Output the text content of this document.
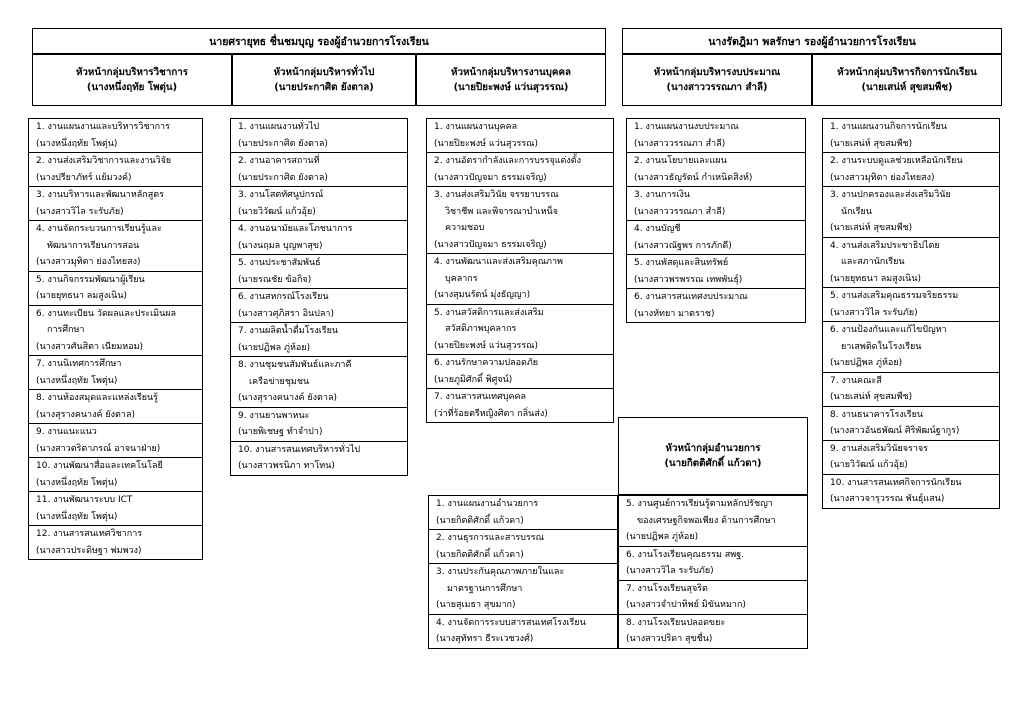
นายศรายุทธ ชื่นชมบุญ รองผู้อำนวยการโรงเรียน	นางรัตฎิมา พลรักษา รองผู้อำนวยการโรงเรียน
หัวหน้ากลุ่มบริหารวิชาการ
(นางหนึ่งฤทัย โพตุ่น)
หัวหน้ากลุ่มบริหารทั่วไป
(นายประกาศิต ยังตาล)
หัวหน้ากลุ่มบริหารงานบุคคล
(นายปิยะพงษ์ แว่นสุวรรณ)
หัวหน้ากลุ่มบริหารงบประมาณ
(นางสาววรรณภา สำลี)
หัวหน้ากลุ่มบริหารกิจการนักเรียน
(นายเสน่ห์ สุขสมพืช)
1. งานแผนงานและบริหารวิชาการ
(นางหนึ่งฤทัย โพตุ่น)
2. งานส่งเสริมวิชาการและงานวิจัย
(นางปรียาภัทร์ แย้มวงค์)
3. งานบริหารและพัฒนาหลักสูตร
(นางสาววิไล ระรับภัย)
4. งานจัดกระบวนการเรียนรู้และ
พัฒนาการเรียนการสอน
(นางสาวมุทิตา ย่องไทยสง)
5. งานกิจกรรมพัฒนาผู้เรียน
(นายยุทธนา ลมสูงเนิน)
6. งานทะเบียน วัดผลและประเมินผล
การศึกษา
(นางสาวศันสิตา เนียมหอม)
7. งานนิเทศการศึกษา
(นางหนึ่งฤทัย โพตุ่น)
8. งานห้องสมุดและแหล่งเรียนรู้
(นางสุรางคนางค์ ยังตาล)
9. งานแนะแนว
(นางสาวตริตาภรณ์ อาจนาฝ่าย)
10. งานพัฒนาสื่อและเทคโนโลยี
(นางหนึ่งฤทัย โพตุ่น)
11. งานพัฒนาระบบ ICT
(นางหนึ่งฤทัย โพตุ่น)
12. งานสารสนเทศวิชาการ
(นางสาวประดิษฐา พ่มพวง)
1. งานแผนงานทั่วไป
(นายประกาศิต ยังตาล)
2. งานอาคารสถานที่
(นายประกาศิต ยังตาล)
3. งานโสตทัศนูปกรณ์
(นายวิวัฒน์ แก้วอุ้ย)
4. งานอนามัยและโภชนาการ
(นางนฤมล บุญพาสุข)
5. งานประชาสัมพันธ์
(นายรณชัย ข้อกิจ)
6. งานสหกรณ์โรงเรียน
(นางสาวศุภิสรา อินปลา)
7. งานผลิตน้ำดื่มโรงเรียน
(นายปฏิพล ภู่ห้อย)
8. งานชุมชนสัมพันธ์และภาคี
เครือข่ายชุมชน
(นางสุรางคนางค์ ยังตาล)
9. งานยานพาหนะ
(นายพิเชษฐ ทำจำปา)
10. งานสารสนเทศบริหารทั่วไป
(นางสาวพรนิภา ทาโทน)
1. งานแผนงานบุคคล
(นายปิยะพงษ์ แว่นสุวรรณ)
2. งานอัตรากำลังและการบรรจุแต่งตั้ง
(นางสาวปัญจมา ธรรมเจริญ)
3. งานส่งเสริมวินัย จรรยาบรรณ
วิชาชีพ และพิจารณาบำเหน็จ
ความชอบ
(นางสาวปัญจมา ธรรมเจริญ)
4. งานพัฒนาและส่งเสริมคุณภาพ
บุคลากร
(นางสุมนรัตน์ มุ่งธัญญา)
5. งานสวัสดิการและส่งเสริม
สวัสดิภาพบุคลากร
(นายปิยะพงษ์ แว่นสุวรรณ)
6. งานรักษาความปลอดภัย
(นายภูมิศักดิ์ พิศูจน์)
7. งานสารสนเทศบุคคล
(ว่าที่ร้อยตรีหญิงศิตา กลิ่นส่ง)
1. งานแผนงานงบประมาณ
(นางสาววรรณภา สำลี)
2. งานนโยบายและแผน
(นางสาวธัญรัตน์ กำเหนิดสิงห์)
3. งานการเงิน
(นางสาววรรณภา สำลี)
4. งานบัญชี
(นางสาวณัฐพร การภักดี)
5. งานพัสดุและสินทรัพย์
(นางสาวพรพรรณ เทพพันธุ์)
6. งานสารสนเทศงบประมาณ
(นางหัทยา มาตราช)
1. งานแผนงานกิจการนักเรียน
(นายเสน่ห์ สุขสมพืช)
2. งานระบบดูแลช่วยเหลือนักเรียน
(นางสาวมุทิตา ย่องไทยสง)
3. งานปกครองและส่งเสริมวินัย
นักเรียน
(นายเสน่ห์ สุขสมพืช)
4. งานส่งเสริมประชาธิปไตย
และสภานักเรียน
(นายยุทธนา ลมสูงเนิน)
5. งานส่งเสริมคุณธรรมจริยธรรม
(นางสาววิไล ระรับภัย)
6. งานป้องกันและแก้ไขปัญหา
ยาเสพติดในโรงเรียน
(นายปฏิพล ภู่ห้อย)
7. งานคณะสี
(นายเสน่ห์ สุขสมพืช)
8. งานธนาคารโรงเรียน
(นางสาวอันธพัฒน์ ศิริพัฒน์ฐากูร)
9. งานส่งเสริมวินัยจราจร
(นายวิวัฒน์ แก้วอุ้ย)
10. งานสารสนเทศกิจการนักเรียน
(นางสาวจารุวรรณ พันธุ์แสน)
หัวหน้ากลุ่มอำนวยการ
(นายกิตติศักดิ์ แก้วดา)
1. งานแผนงานอำนวยการ
(นายกิตติศักดิ์ แก้วดา)
2. งานธุรการและสารบรรณ
(นายกิตติศักดิ์ แก้วดา)
3. งานประกันคุณภาพภายในและ
มาตรฐานการศึกษา
(นายสุเมธา สุขมาก)
4. งานจัดการระบบสารสนเทศโรงเรียน
(นางสุทัทรา ธีระเวชวงศ์)
5. งานศูนย์การเรียนรู้ตามหลักปรัชญา
ของเศรษฐกิจพอเพียง ด้านการศึกษา
(นายปฏิพล ภู่ห้อย)
6. งานโรงเรียนคุณธรรม สพฐ.
(นางสาววิไล ระรับภัย)
7. งานโรงเรียนสุจริต
(นางสาวจำปาทิพย์ มิขันหมาก)
8. งานโรงเรียนปลอดขยะ
(นางสาวปริดา สุขชื่น)
